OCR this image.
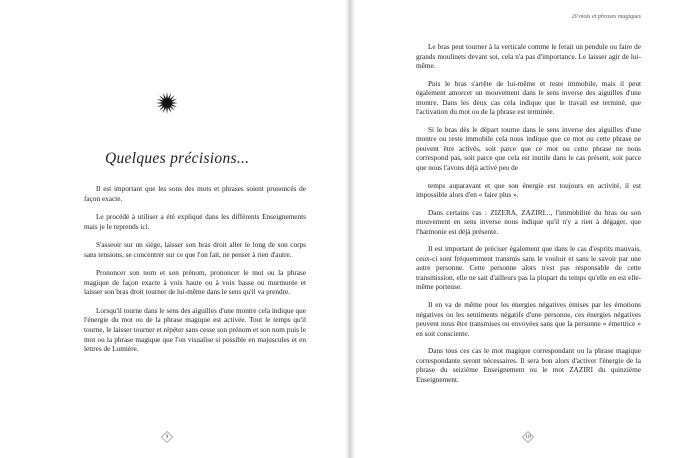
Quelques précisions...

Il est important que les sons des mots et phrases soient prononcés de façon exacte.

Le procédé à utiliser a été expliqué dans les différents Enseignements mais je le reprends ici.

S'asseoir sur un siège, laisser son bras droit aller le long de son corps sans tensions, se concentrer sur ce que l'on fait, ne penser à rien d'autre.

Prononcer son nom et son prénom, prononcer le mot ou la phrase magique de façon exacte à voix haute ou à voix basse ou murmurée et laisser son bras droit tourner de lui-même dans le sens qu'il va prendre.

Lorsqu'il tourne dans le sens des aiguilles d'une montre cela indique que l'énergie du mot ou de la phrase magique est activée. Tout le temps qu'il tourne, le laisser tourner et répéter sans cesse son prénom et son nom puis le mot ou la phrase magique que l'on visualise si possible en majuscules et en lettres de Lumière.

9
20 mots et phrases magiques

Le bras peut tourner à la verticale comme le ferait un pendule ou faire de grands moulinets devant soi, cela n'a pas d'importance. Le laisser agir de lui-même.

Puis le bras s'arrête de lui-même et reste immobile, mais il peut également amorcer un mouvement dans le sens inverse des aiguilles d'une montre. Dans les deux cas cela indique que le travail est terminé, que l'activation du mot ou de la phrase est terminée.

Si le bras dès le départ tourne dans le sens inverse des aiguilles d'une montre ou reste immobile cela nous indique que ce mot ou cette phrase ne peuvent être activés, soit parce que ce mot ou cette phrase ne nous correspond pas, soit parce que cela est inutile dans le cas présent, soit parce que nous l'avons déjà activé peu de

temps auparavant et que son énergie est toujours en activité, il est impossible alors d'en « faire plus ».

Dans certains cas : ZIZERA, ZAZIRI..., l'immobilité du bras ou son mouvement en sens inverse nous indique qu'il n'y a rien à dégager, que l'harmonie est déjà présente.

Il est important de préciser également que dans le cas d'esprits mauvais, ceux-ci sont fréquemment transmis sans le vouloir et sans le savoir par une autre personne. Cette personne alors n'est pas responsable de cette transmission, elle ne sait d'ailleurs pas la plupart du temps qu'elle en est elle-même porteuse.

Il en va de même pour les énergies négatives émises par les émotions négatives ou les sentiments négatifs d'une personne, ces énergies négatives peuvent nous être transmises ou envoyées sans que la personne « émettrice » en soit consciente.

Dans tous ces cas le mot magique correspondant ou la phrase magique correspondante seront nécessaires. Il sera bon alors d'activer l'énergie de la phrase du seizième Enseignement ou le mot ZAZIRI du quinzième Enseignement.

10
